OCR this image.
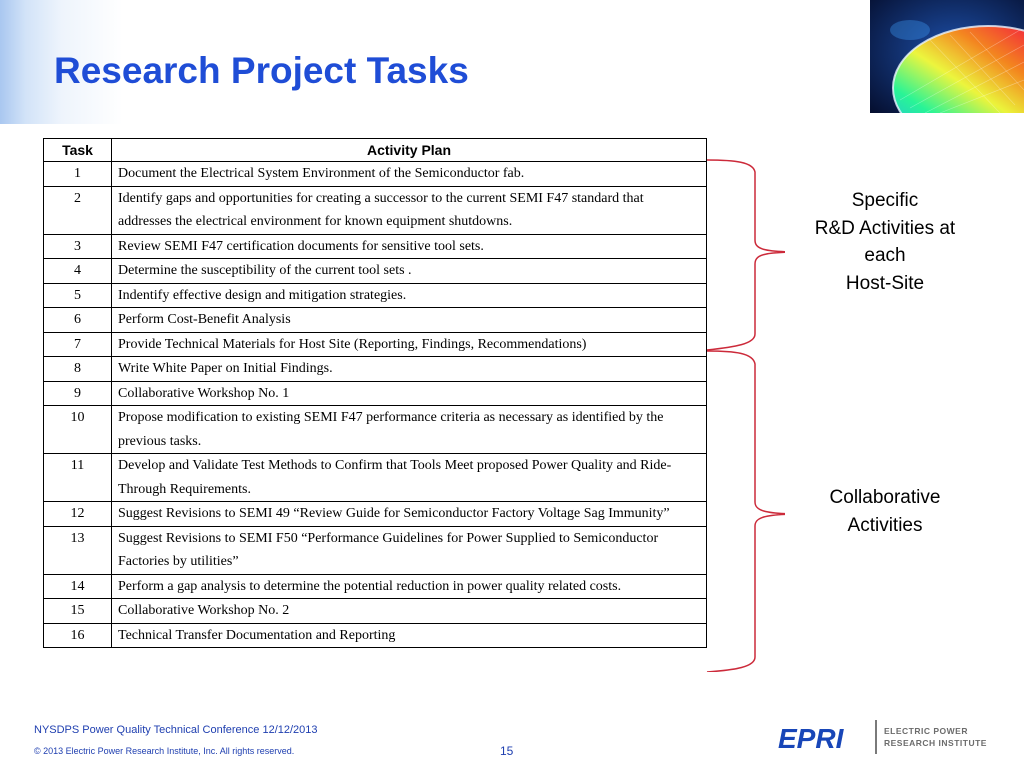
Research Project Tasks
Task	Activity Plan
1	Document the Electrical System Environment of the Semiconductor fab.
2	Identify gaps and opportunities for creating a successor to the current SEMI F47 standard that addresses the electrical environment for known equipment shutdowns.
3	Review SEMI F47 certification documents for sensitive tool sets.
4	Determine the susceptibility of the current tool sets .
5	Indentify effective design and mitigation strategies.
6	Perform Cost-Benefit Analysis
7	Provide Technical Materials for Host Site (Reporting, Findings, Recommendations)
8	Write White Paper on Initial Findings.
9	Collaborative Workshop No. 1
10	Propose modification to existing SEMI F47 performance criteria as necessary as identified by the previous tasks.
11	Develop and Validate Test Methods to Confirm that Tools Meet proposed Power Quality and Ride-Through Requirements.
12	Suggest Revisions to SEMI 49 “Review Guide for Semiconductor Factory Voltage Sag Immunity”
13	Suggest Revisions to SEMI F50 “Performance Guidelines for Power Supplied to Semiconductor Factories by utilities”
14	Perform a gap analysis to determine the potential reduction in power quality related costs.
15	Collaborative Workshop No. 2
16	Technical Transfer Documentation and Reporting
Specific
R&D Activities at
each
Host-Site
Collaborative
Activities
NYSDPS Power Quality Technical Conference 12/12/2013
© 2013 Electric Power Research Institute, Inc. All rights reserved.	15	EPRI	ELECTRIC POWER
RESEARCH INSTITUTE
